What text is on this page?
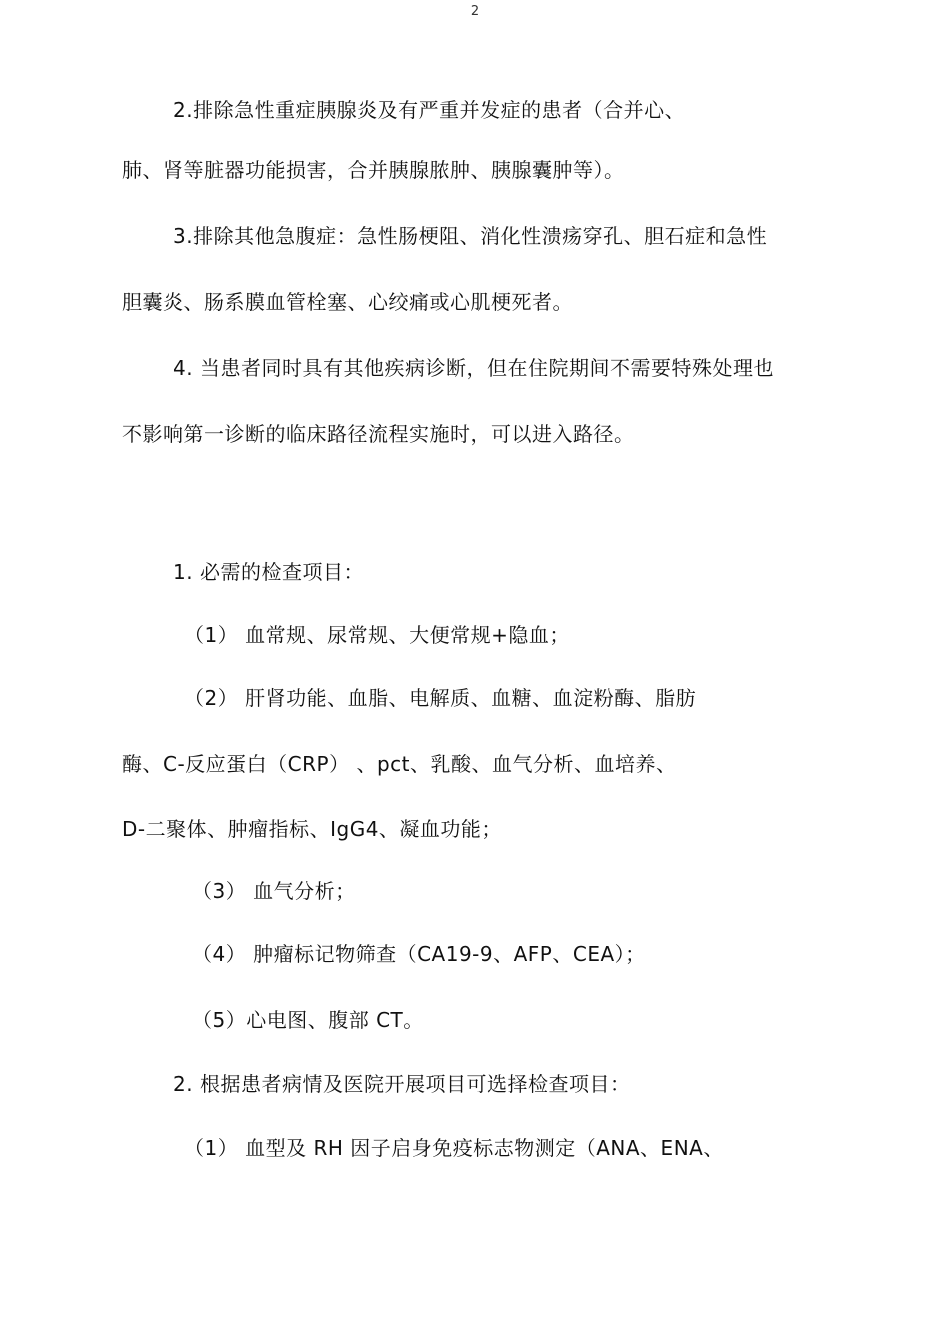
2
2.排除急性重症胰腺炎及有严重并发症的患者（合并心、
肺、肾等脏器功能损害，合并胰腺脓肿、胰腺囊肿等）。
3.排除其他急腹症：急性肠梗阻、消化性溃疡穿孔、胆石症和急性
胆囊炎、肠系膜血管栓塞、心绞痛或心肌梗死者。
4. 当患者同时具有其他疾病诊断，但在住院期间不需要特殊处理也
不影响第一诊断的临床路径流程实施时，可以进入路径。
1. 必需的检查项目：
（1） 血常规、尿常规、大便常规+隐血；
（2） 肝肾功能、血脂、电解质、血糖、血淀粉酶、脂肪
酶、C-反应蛋白（CRP） 、pct、乳酸、血气分析、血培养、
D-二聚体、肿瘤指标、IgG4、凝血功能；
（3） 血气分析；
（4） 肿瘤标记物筛查（CA19-9、AFP、CEA）；
（5）心电图、腹部 CT。
2. 根据患者病情及医院开展项目可选择检查项目：
（1） 血型及 RH 因子启身免疫标志物测定（ANA、ENA、
